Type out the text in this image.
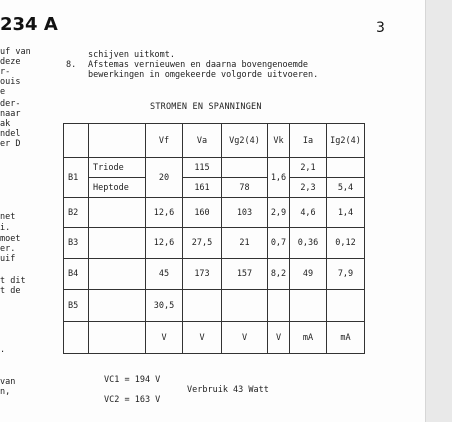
234 A	3
uf van
deze
r-
ouis
e
der-
naar
ak
ndel
er D
net
i.
moet
er.
uif
t dit
t de
.
van
n,
schijven uitkomt.
8. Afstemas vernieuwen en daarna bovengenoemde
bewerkingen in omgekeerde volgorde uitvoeren.
STROMEN EN SPANNINGEN
		Vf	Va	Vg2(4)	Vk	Ia	Ig2(4)
B1	Triode	20	115		1,6	2,1	
	Heptode		161	78		2,3	5,4
B2		12,6	160	103	2,9	4,6	1,4
B3		12,6	27,5	21	0,7	0,36	0,12
B4		45	173	157	8,2	49	7,9
B5		30,5					
		V	V	V	V	mA	mA
VC1 = 194 V
Verbruik 43 Watt
VC2 = 163 V
